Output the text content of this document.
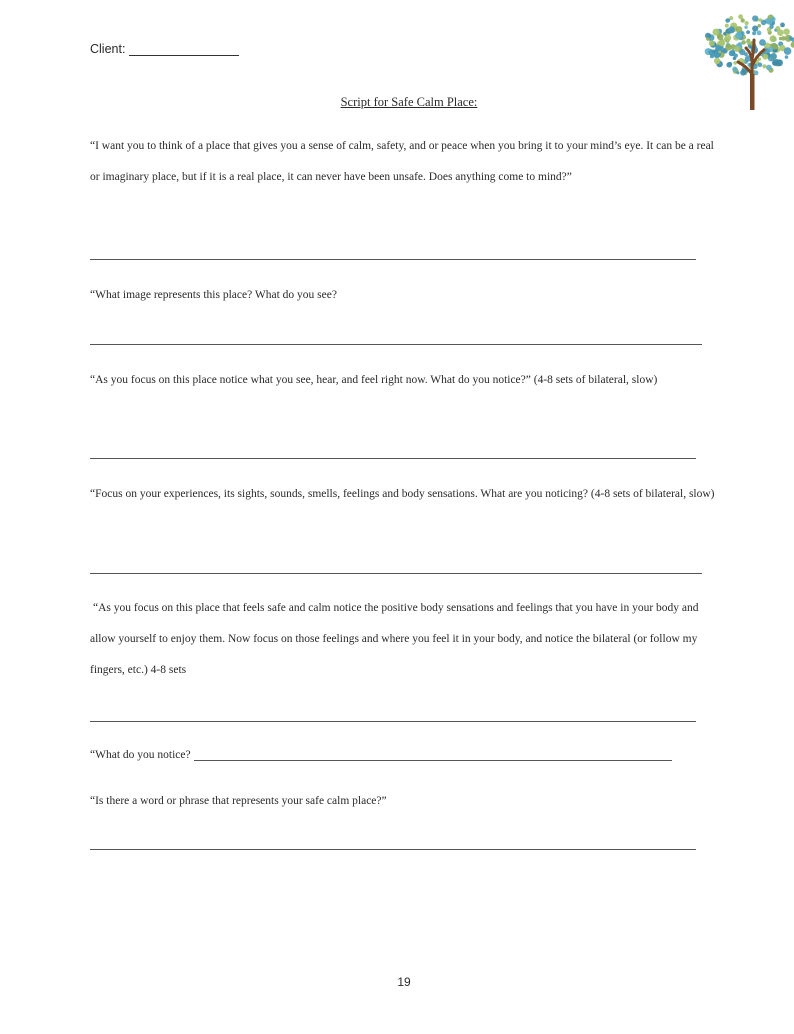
Client:
Script for Safe Calm Place:

“I want you to think of a place that gives you a sense of calm, safety, and or peace when you bring it to your mind’s eye. It can be a real or imaginary place, but if it is a real place, it can never have been unsafe. Does anything come to mind?”

“What image represents this place? What do you see?

“As you focus on this place notice what you see, hear, and feel right now. What do you notice?” (4-8 sets of bilateral, slow)

“Focus on your experiences, its sights, sounds, smells, feelings and body sensations. What are you noticing? (4-8 sets of bilateral, slow)

“As you focus on this place that feels safe and calm notice the positive body sensations and feelings that you have in your body and allow yourself to enjoy them. Now focus on those feelings and where you feel it in your body, and notice the bilateral (or follow my fingers, etc.) 4-8 sets

“What do you notice?

“Is there a word or phrase that represents your safe calm place?”

19
